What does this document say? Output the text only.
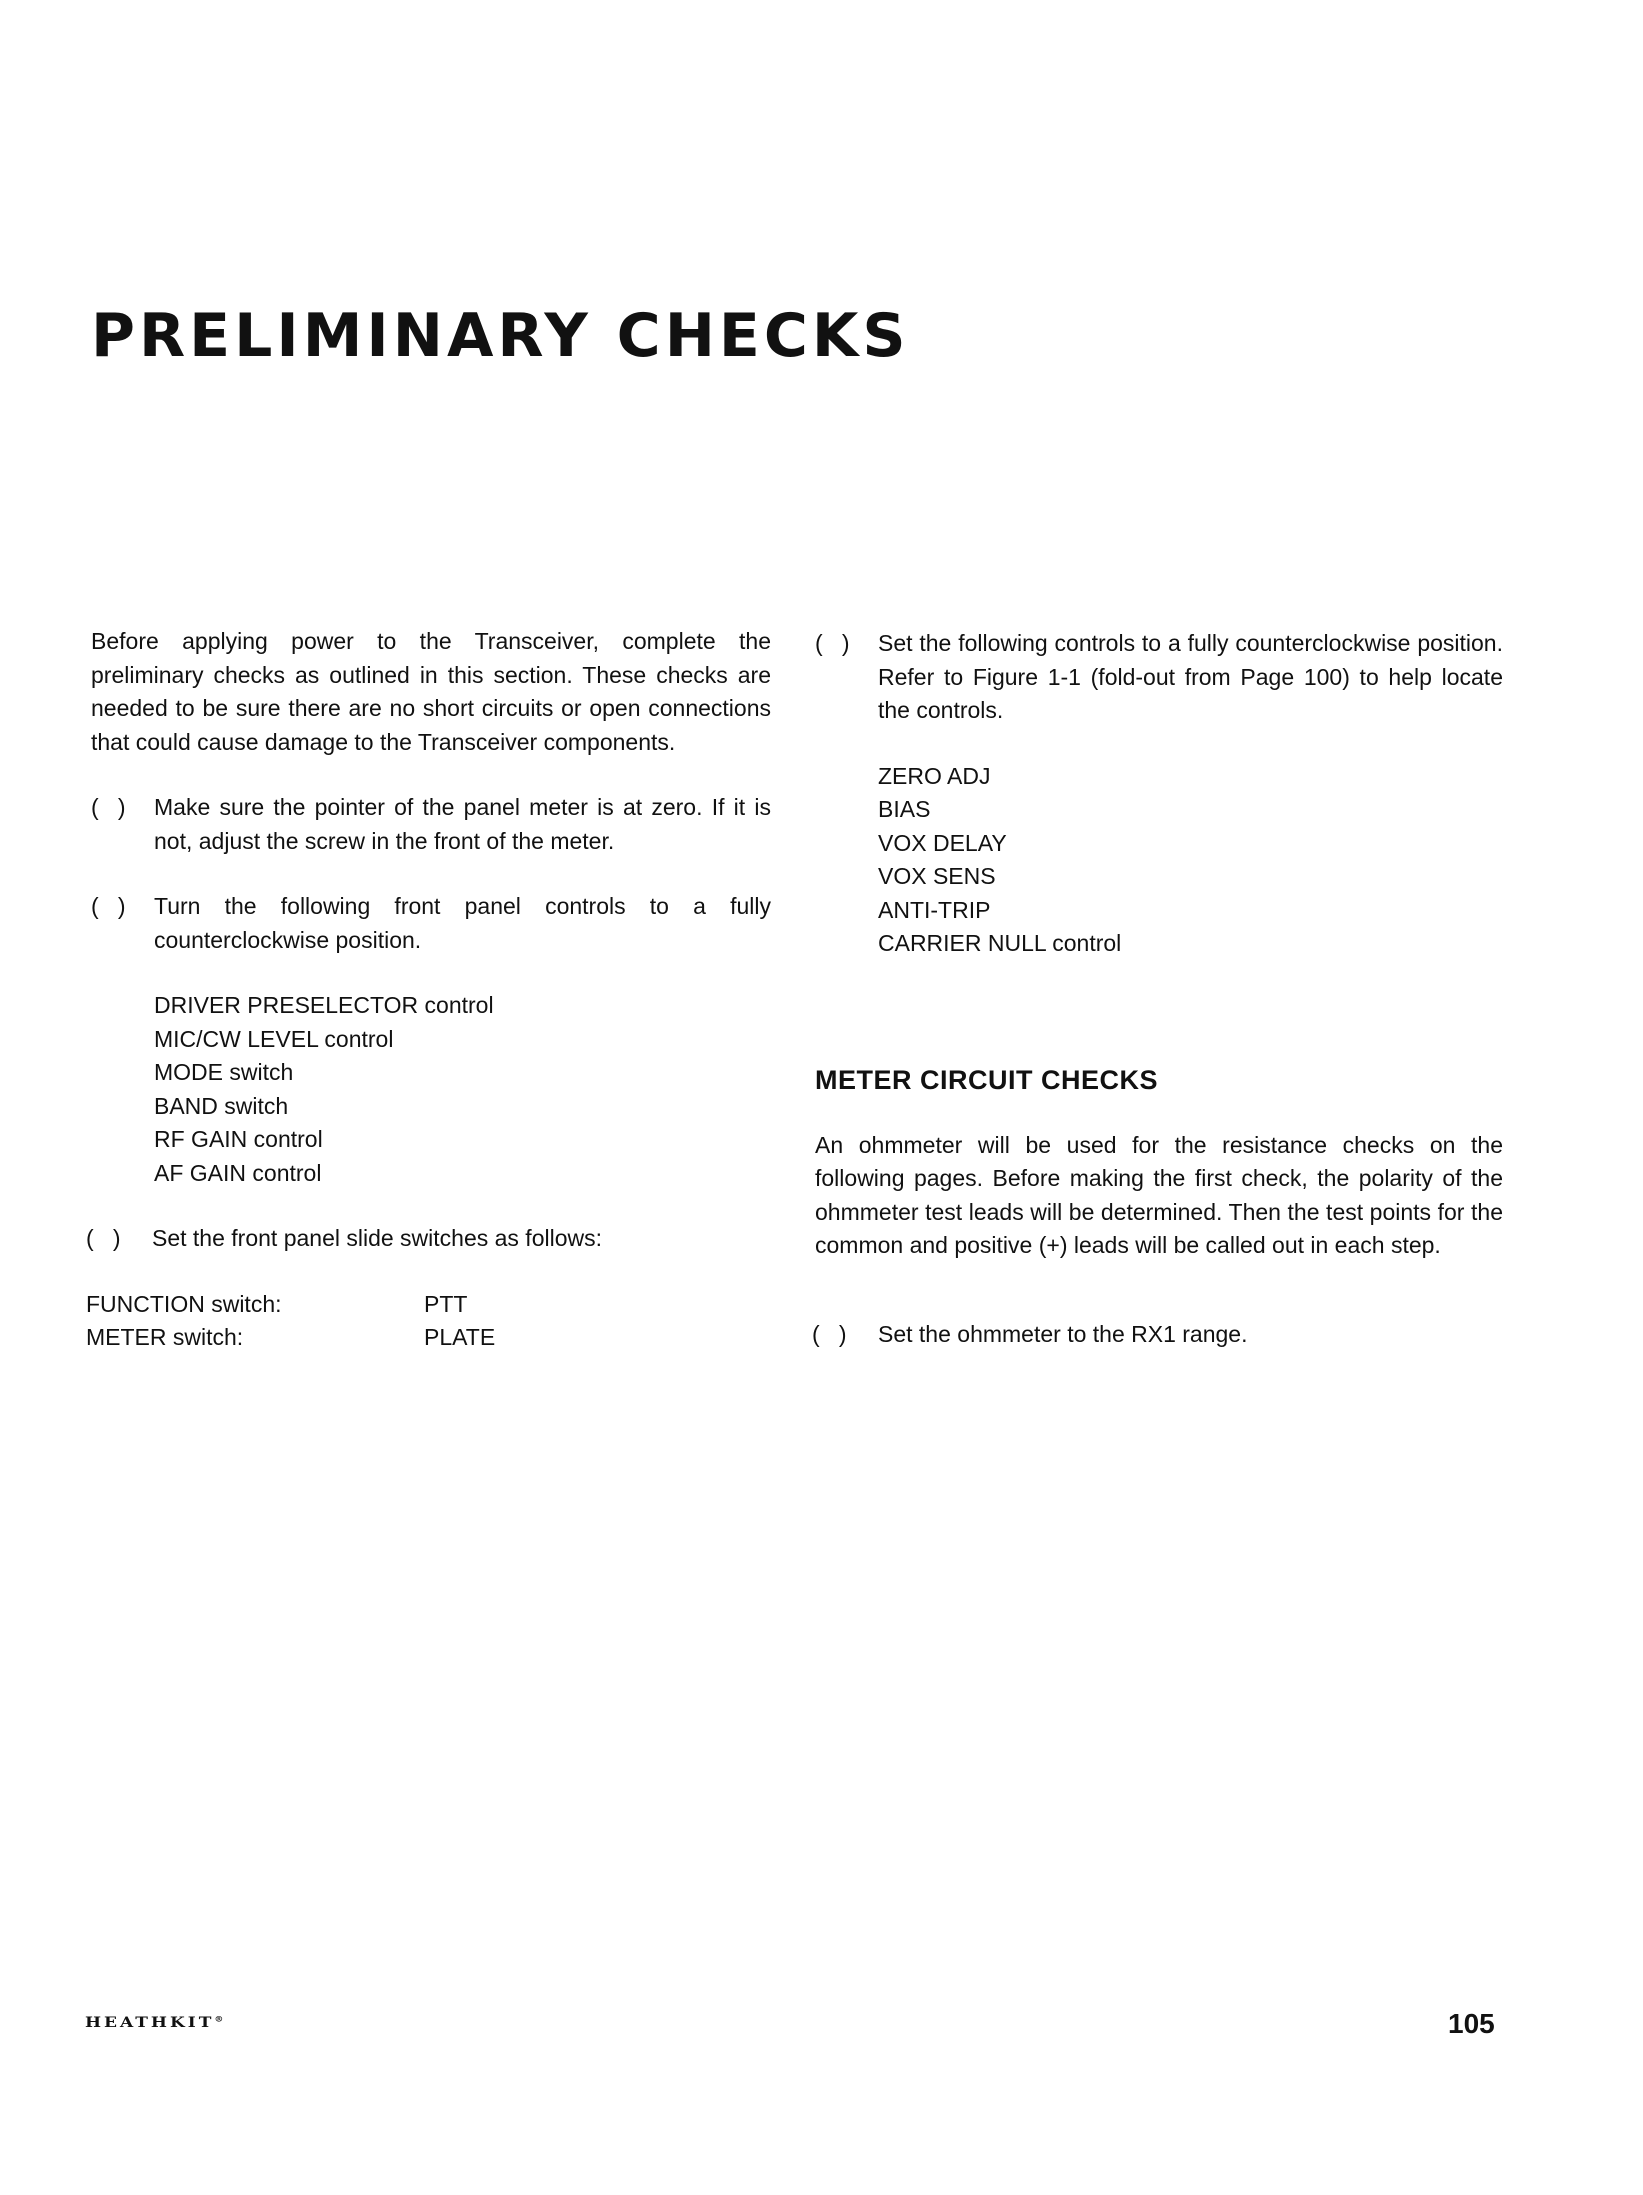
PRELIMINARY CHECKS

Before applying power to the Transceiver, complete the preliminary checks as outlined in this section. These checks are needed to be sure there are no short circuits or open connections that could cause damage to the Transceiver components.

(   ) Make sure the pointer of the panel meter is at zero. If it is not, adjust the screw in the front of the meter.
(   ) Turn the following front panel controls to a fully counterclockwise position.
DRIVER PRESELECTOR control
MIC/CW LEVEL control
MODE switch
BAND switch
RF GAIN control
AF GAIN control
(   ) Set the front panel slide switches as follows:
FUNCTION switch:	PTT
METER switch:	PLATE
(   ) Set the following controls to a fully counterclockwise position. Refer to Figure 1-1 (fold-out from Page 100) to help locate the controls.
ZERO ADJ
BIAS
VOX DELAY
VOX SENS
ANTI-TRIP
CARRIER NULL control
METER CIRCUIT CHECKS

An ohmmeter will be used for the resistance checks on the following pages. Before making the first check, the polarity of the ohmmeter test leads will be determined. Then the test points for the common and positive (+) leads will be called out in each step.

(   ) Set the ohmmeter to the RX1 range.
HEATHKIT®	105
